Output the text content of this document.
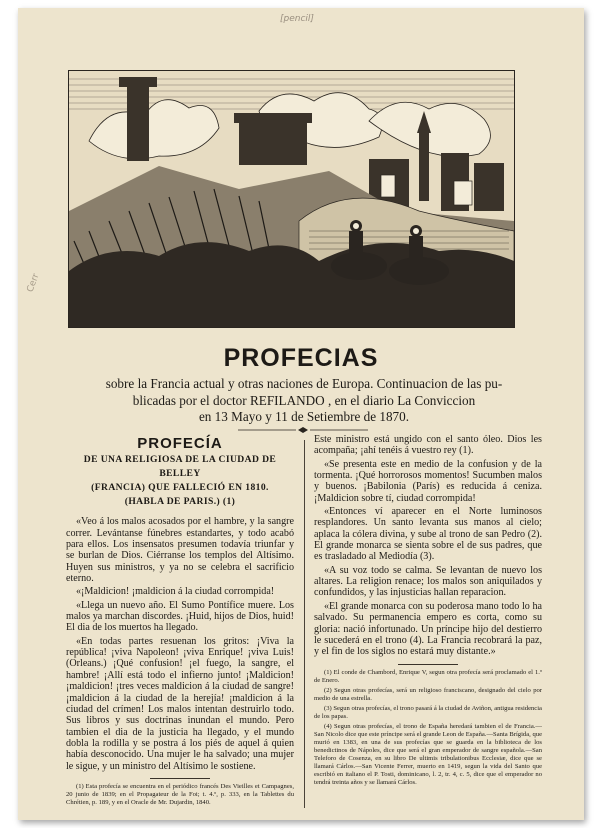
[pencil]
Cerr
PROFECIAS
sobre la Francia actual y otras naciones de Europa. Continuacion de las pu-
blicadas por el doctor REFILANDO , en el diario La Conviccion
en 13 Mayo y 11 de Setiembre de 1870.
PROFECÍA
DE UNA RELIGIOSA DE LA CIUDAD DE BELLEY
(FRANCIA) QUE FALLECIÓ EN 1810.
(HABLA DE PARIS.) (1)

«Veo á los malos acosados por el hambre, y la sangre correr. Levántanse fúnebres estandartes, y todo acabó para ellos. Los insensatos presumen todavía triunfar y se burlan de Dios. Ciérranse los templos del Altísimo. Huyen sus ministros, y ya no se celebra el sacrificio eterno.

«¡Maldicion! ¡maldicion á la ciudad corrompida!

«Llega un nuevo año. El Sumo Pontífice muere. Los malos ya marchan discordes. ¡Huid, hijos de Dios, huid! El dia de los muertos ha llegado.

«En todas partes resuenan los gritos: ¡Viva la república! ¡viva Napoleon! ¡viva Enrique! ¡viva Luis! (Orleans.) ¡Qué confusion! ¡el fuego, la sangre, el hambre! ¡Allí está todo el infierno junto! ¡Maldicion! ¡maldicion! ¡tres veces maldicion á la ciudad de sangre! ¡maldicion á la ciudad de la herejía! ¡maldicion á la ciudad del crímen! Los malos intentan destruirlo todo. Sus libros y sus doctrinas inundan el mundo. Pero tambien el dia de la justicia ha llegado, y el mundo dobla la rodilla y se postra á los piés de aquel á quien había desconocido. Una mujer le ha salvado; una mujer le sigue, y un ministro del Altísimo le sostiene.

(1) Esta profecía se encuentra en el periódico francés Des Vieilles et Campagnes, 20 junio de 1839; en el Propagateur de la Foi; t. 4.º, p. 333, en la Tablettes du Chrétien, p. 189, y en el Oracle de Mr. Dujardin, 1840.

Este ministro está ungido con el santo óleo. Dios les acompaña; ¡ahí tenéis á vuestro rey (1).

«Se presenta este en medio de la confusion y de la tormenta. ¡Qué horrorosos momentos! Sucumben malos y buenos. ¡Babilonia (París) es reducida á ceniza. ¡Maldicion sobre tí, ciudad corrompida!

«Entonces ví aparecer en el Norte luminosos resplandores. Un santo levanta sus manos al cielo; aplaca la cólera divina, y sube al trono de san Pedro (2). El grande monarca se sienta sobre el de sus padres, que es trasladado al Mediodía (3).

«A su voz todo se calma. Se levantan de nuevo los altares. La religion renace; los malos son aniquilados y confundidos, y las injusticias hallan reparacion.

«El grande monarca con su poderosa mano todo lo ha salvado. Su permanencia empero es corta, como su gloria: nació infortunado. Un príncipe hijo del destierro le sucederá en el trono (4). La Francia recobrará la paz, y el fin de los siglos no estará muy distante.»

(1) El conde de Chambord, Enrique V, segun otra profecía será proclamado el 1.º de Enero.
(2) Segun otras profecías, será un religioso franciscano, designado del cielo por medio de una estrella.
(3) Segun otras profecías, el trono pasará á la ciudad de Aviñon, antigua residencia de los papas.
(4) Segun otras profecías, el trono de España heredará tambien el de Francia.—San Nicolo dice que este príncipe será el grande Leon de España.—Santa Brígida, que murió en 1383, en una de sus profecías que se guarda en la biblioteca de los benedictinos de Nápoles, dice que será el gran emperador de sangre española.—San Teleforo de Cosenza, en su libro De ultimis tribulationibus Ecclesiæ, dice que se llamará Cárlos.—San Vicente Ferrer, muerto en 1419, segun la vida del Santo que escribió en italiano el P. Tosti, dominicano, l. 2, tr. 4, c. 5, dice que el emperador no tendrá treinta años y se llamará Cárlos.
